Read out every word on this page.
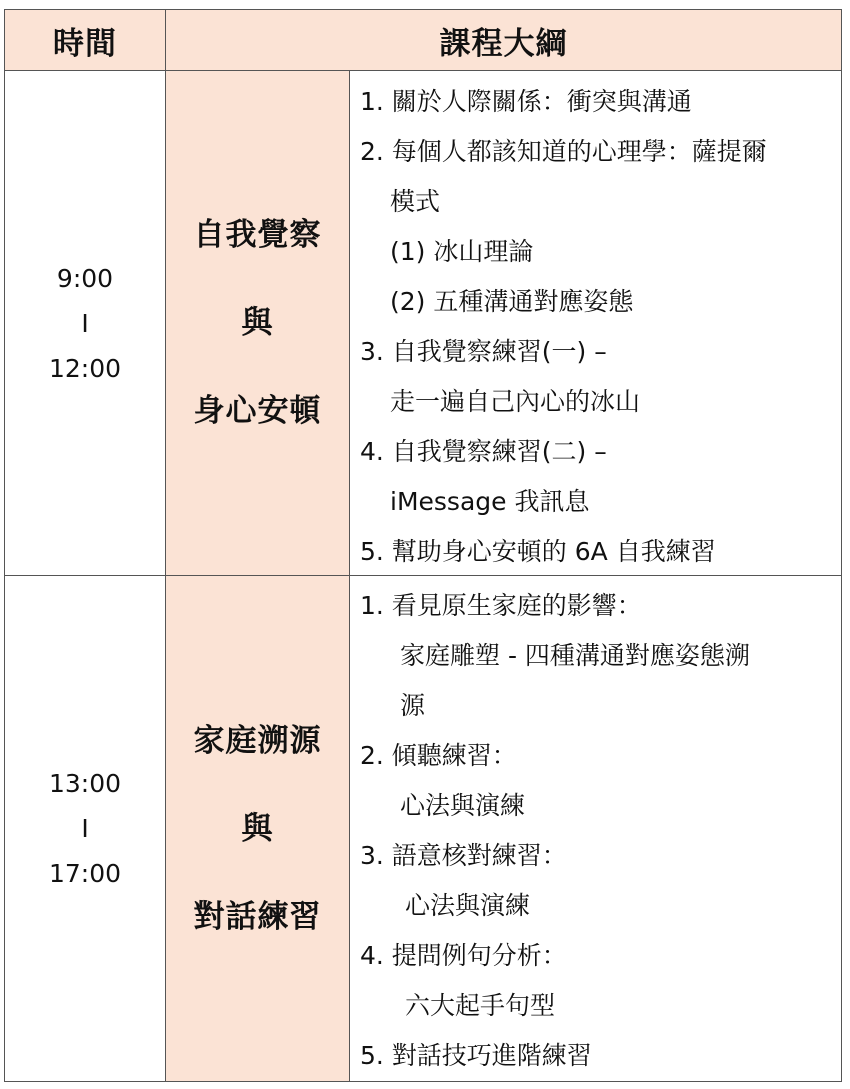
時間	課程大綱
9:00
I
12:00
自我覺察
與
身心安頓
1. 關於人際關係：衝突與溝通
2. 每個人都該知道的心理學：薩提爾
模式
(1) 冰山理論
(2) 五種溝通對應姿態
3. 自我覺察練習(一) –
走一遍自己內心的冰山
4. 自我覺察練習(二) –
iMessage 我訊息
5. 幫助身心安頓的 6A 自我練習
13:00
I
17:00
家庭溯源
與
對話練習
1. 看見原生家庭的影響：
家庭雕塑 - 四種溝通對應姿態溯
源
2. 傾聽練習：
心法與演練
3. 語意核對練習：
心法與演練
4. 提問例句分析：
六大起手句型
5. 對話技巧進階練習
